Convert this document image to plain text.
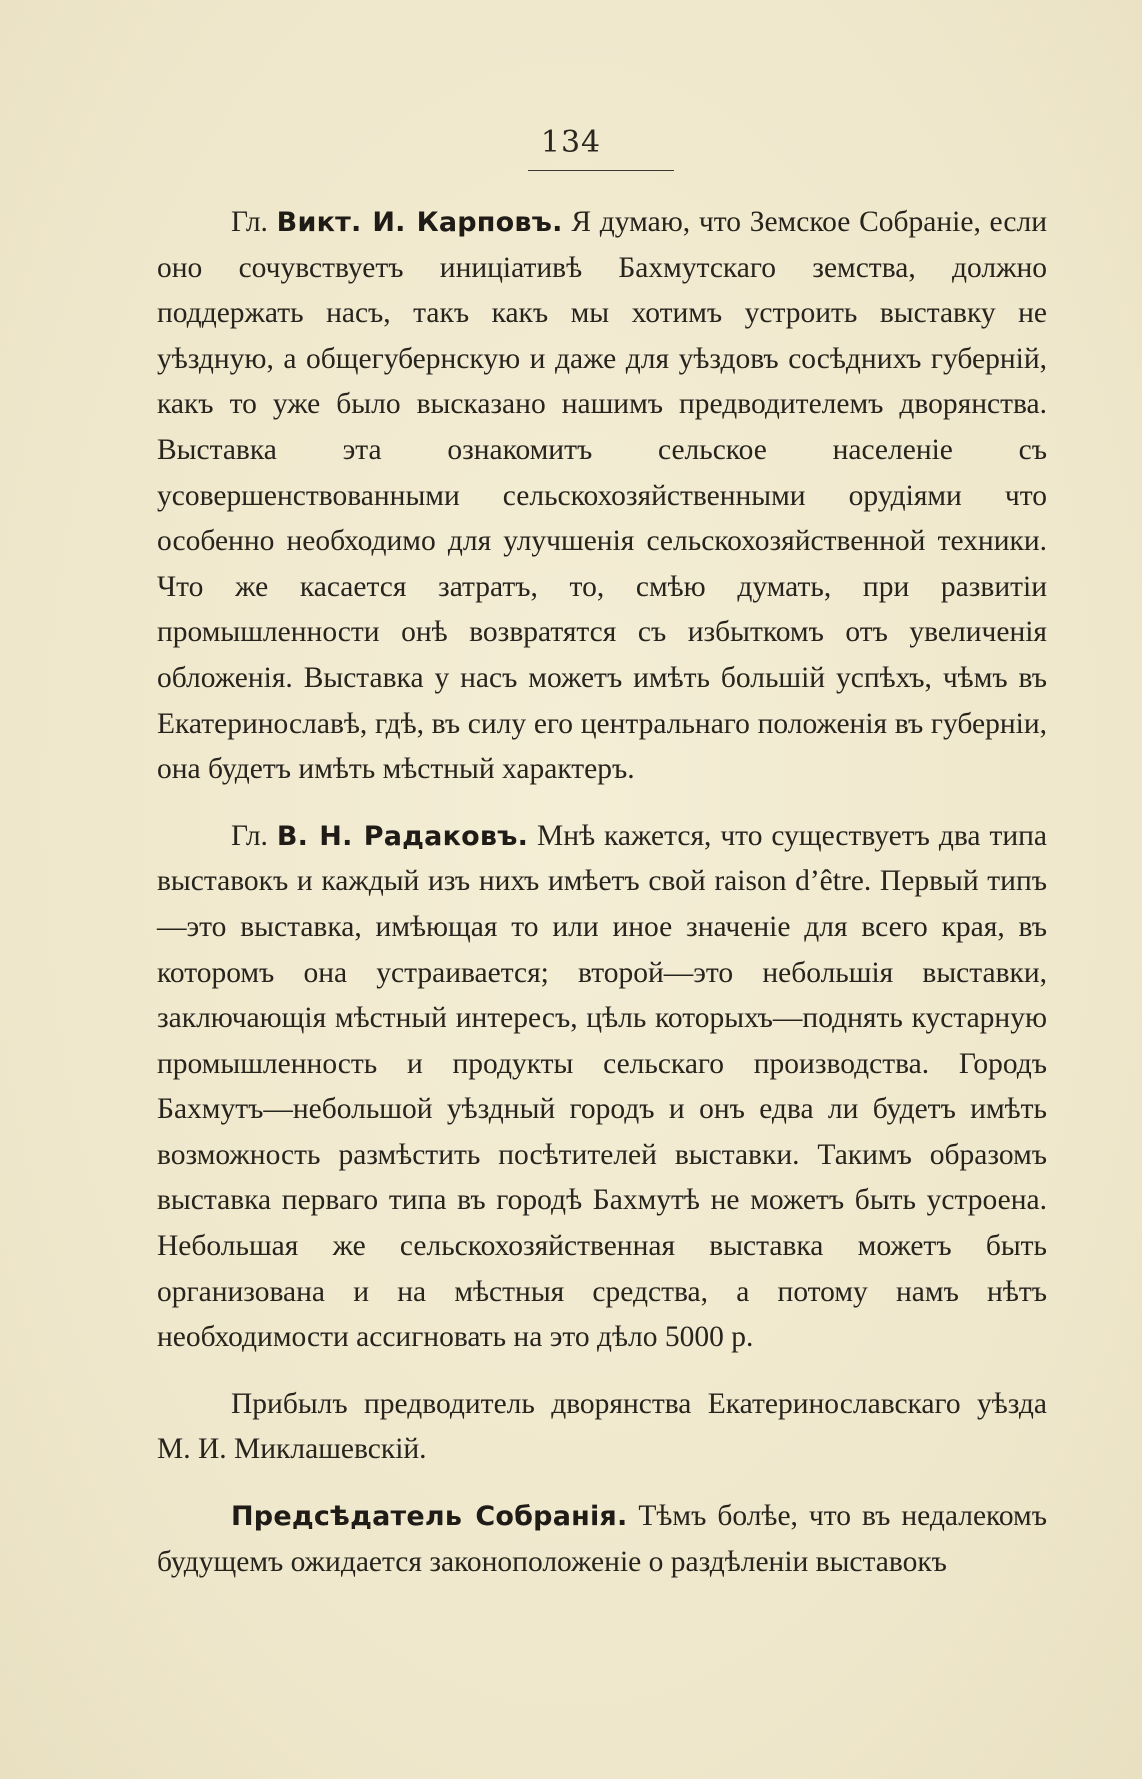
134

Гл. Викт. И. Карповъ. Я думаю, что Земское Собраніе, если оно сочувствуетъ иниціативѣ Бахмутскаго земства, должно поддержать насъ, такъ какъ мы хотимъ устроить выставку не уѣздную, а общегубернскую и даже для уѣздовъ сосѣднихъ губерній, какъ то уже было высказано нашимъ предводителемъ дворянства. Выставка эта ознакомитъ сельское населеніе съ усовершенствованными сельскохозяйственными орудіями что особенно необходимо для улучшенія сельскохозяйственной техники. Что же касается затратъ, то, смѣю думать, при развитіи промышленности онѣ возвратятся съ избыткомъ отъ увеличенія обложенія. Выставка у насъ можетъ имѣть большій успѣхъ, чѣмъ въ Екатеринославѣ, гдѣ, въ силу его центральнаго положенія въ губерніи, она будетъ имѣть мѣстный характеръ.

Гл. В. Н. Радаковъ. Мнѣ кажется, что существуетъ два типа выставокъ и каждый изъ нихъ имѣетъ свой raison d’être. Первый типъ—это выставка, имѣющая то или иное значеніе для всего края, въ которомъ она устраивается; второй—это небольшія выставки, заключающія мѣстный интересъ, цѣль которыхъ—поднять кустарную промышленность и продукты сельскаго производства. Городъ Бахмутъ—небольшой уѣздный городъ и онъ едва ли будетъ имѣть возможность размѣстить посѣтителей выставки. Такимъ образомъ выставка перваго типа въ городѣ Бахмутѣ не можетъ быть устроена. Небольшая же сельскохозяйственная выставка можетъ быть организована и на мѣстныя средства, а потому намъ нѣтъ необходимости ассигновать на это дѣло 5000 р.

Прибылъ предводитель дворянства Екатеринославскаго уѣзда М. И. Миклашевскій.

Предсѣдатель Собранія. Тѣмъ болѣе, что въ недалекомъ будущемъ ожидается законоположеніе о раздѣленіи выставокъ
